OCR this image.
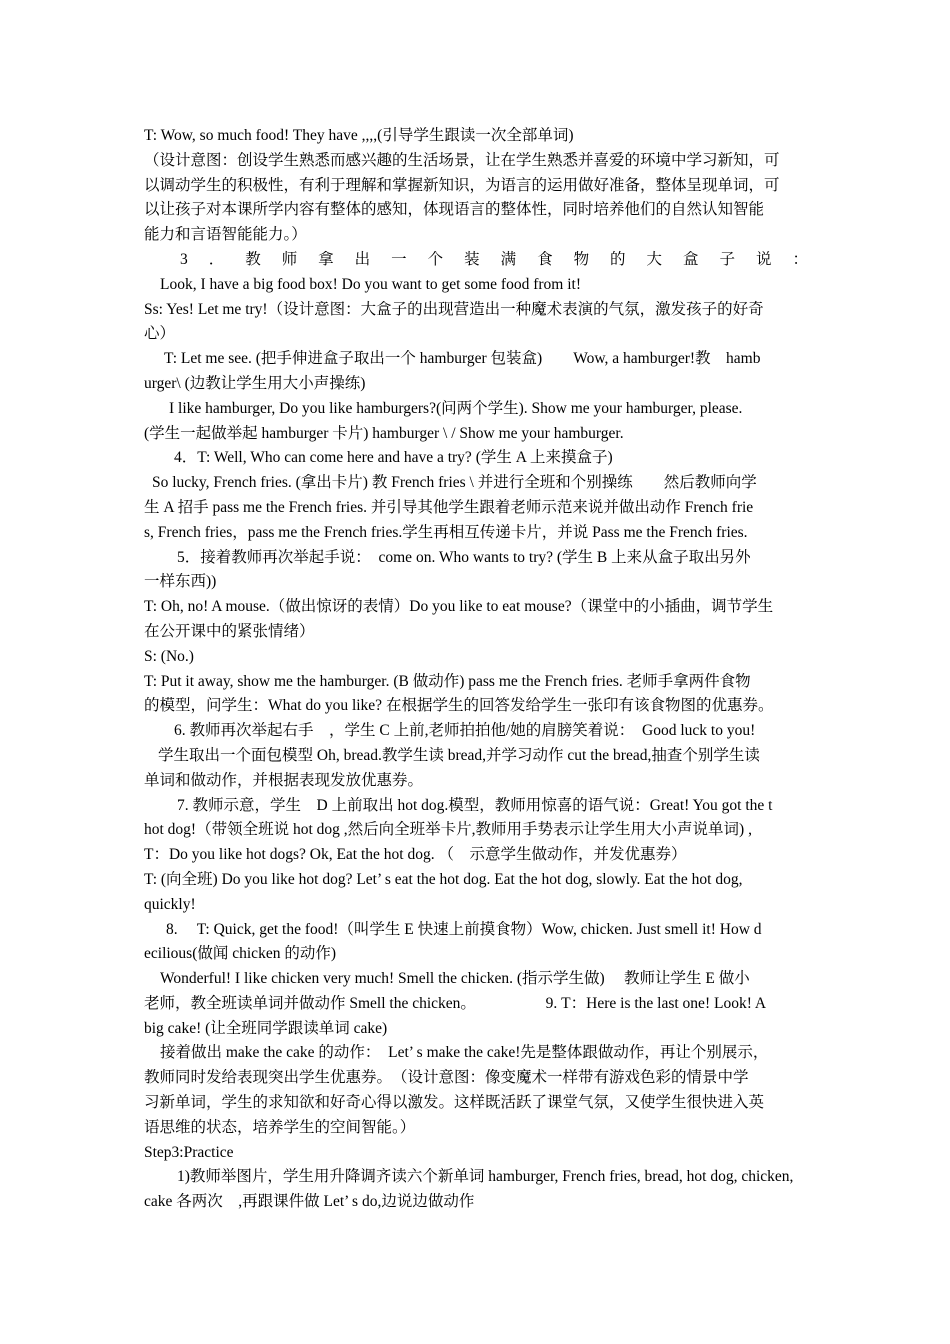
T: Wow, so much food! They have ,,,,(引导学生跟读一次全部单词)
（设计意图：创设学生熟悉而感兴趣的生活场景，让在学生熟悉并喜爱的环境中学习新知，可
以调动学生的积极性，有利于理解和掌握新知识，为语言的运用做好准备，整体呈现单词，可
以让孩子对本课所学内容有整体的感知，体现语言的整体性，同时培养他们的自然认知智能
能力和言语智能能力。）
3 ． 教 师 拿 出 一 个 装 满 食 物 的 大 盒 子 说 ：
Look, I have a big food box! Do you want to get some food from it!
Ss: Yes! Let me try!（设计意图：大盒子的出现营造出一种魔术表演的气氛，激发孩子的好奇
心）
T: Let me see. (把手伸进盒子取出一个 hamburger 包装盒)　　Wow, a hamburger!教　hamb
urger\ (边教让学生用大小声操练)
I like hamburger, Do you like hamburgers?(问两个学生). Show me your hamburger, please.
(学生一起做举起 hamburger 卡片) hamburger \ / Show me your hamburger.
4．T: Well, Who can come here and have a try? (学生 A 上来摸盒子)
So lucky, French fries. (拿出卡片) 教 French fries \ 并进行全班和个别操练　　然后教师向学
生 A 招手 pass me the French fries. 并引导其他学生跟着老师示范来说并做出动作 French frie
s, French fries，pass me the French fries.学生再相互传递卡片，并说 Pass me the French fries.
5．接着教师再次举起手说：　come on. Who wants to try? (学生 B 上来从盒子取出另外
一样东西))
T: Oh, no! A mouse.（做出惊讶的表情）Do you like to eat mouse?（课堂中的小插曲，调节学生
在公开课中的紧张情绪）
S: (No.)
T: Put it away, show me the hamburger. (B 做动作) pass me the French fries. 老师手拿两件食物
的模型，问学生：What do you like? 在根据学生的回答发给学生一张印有该食物图的优惠券。
6. 教师再次举起右手　，学生 C 上前,老师拍拍他/她的肩膀笑着说：　Good luck to you!
学生取出一个面包模型 Oh, bread.教学生读 bread,并学习动作 cut the bread,抽查个别学生读
单词和做动作，并根据表现发放优惠券。
7. 教师示意，学生　D 上前取出 hot dog.模型，教师用惊喜的语气说：Great! You got the t
hot dog!（带领全班说 hot dog ,然后向全班举卡片,教师用手势表示让学生用大小声说单词) ,
T：Do you like hot dogs? Ok, Eat the hot dog. （　示意学生做动作，并发优惠券）
T: (向全班) Do you like hot dog? Let’ s eat the hot dog. Eat the hot dog, slowly. Eat the hot dog,
quickly!
8.　 T: Quick, get the food!（叫学生 E 快速上前摸食物）Wow, chicken. Just smell it! How d
ecilious(做闻 chicken 的动作)
Wonderful! I like chicken very much! Smell the chicken. (指示学生做)　 教师让学生 E 做小
老师，教全班读单词并做动作 Smell the chicken。　　　　　9. T：Here is the last one! Look! A
big cake! (让全班同学跟读单词 cake)
接着做出 make the cake 的动作：　Let’ s make the cake!先是整体跟做动作，再让个别展示，
教师同时发给表现突出学生优惠券。　（设计意图：像变魔术一样带有游戏色彩的情景中学
习新单词，学生的求知欲和好奇心得以激发。这样既活跃了课堂气氛，又使学生很快进入英
语思维的状态，培养学生的空间智能。）
Step3:Practice
1)教师举图片，学生用升降调齐读六个新单词 hamburger, French fries, bread, hot dog, chicken,
cake 各两次　,再跟课件做 Let’ s do,边说边做动作
